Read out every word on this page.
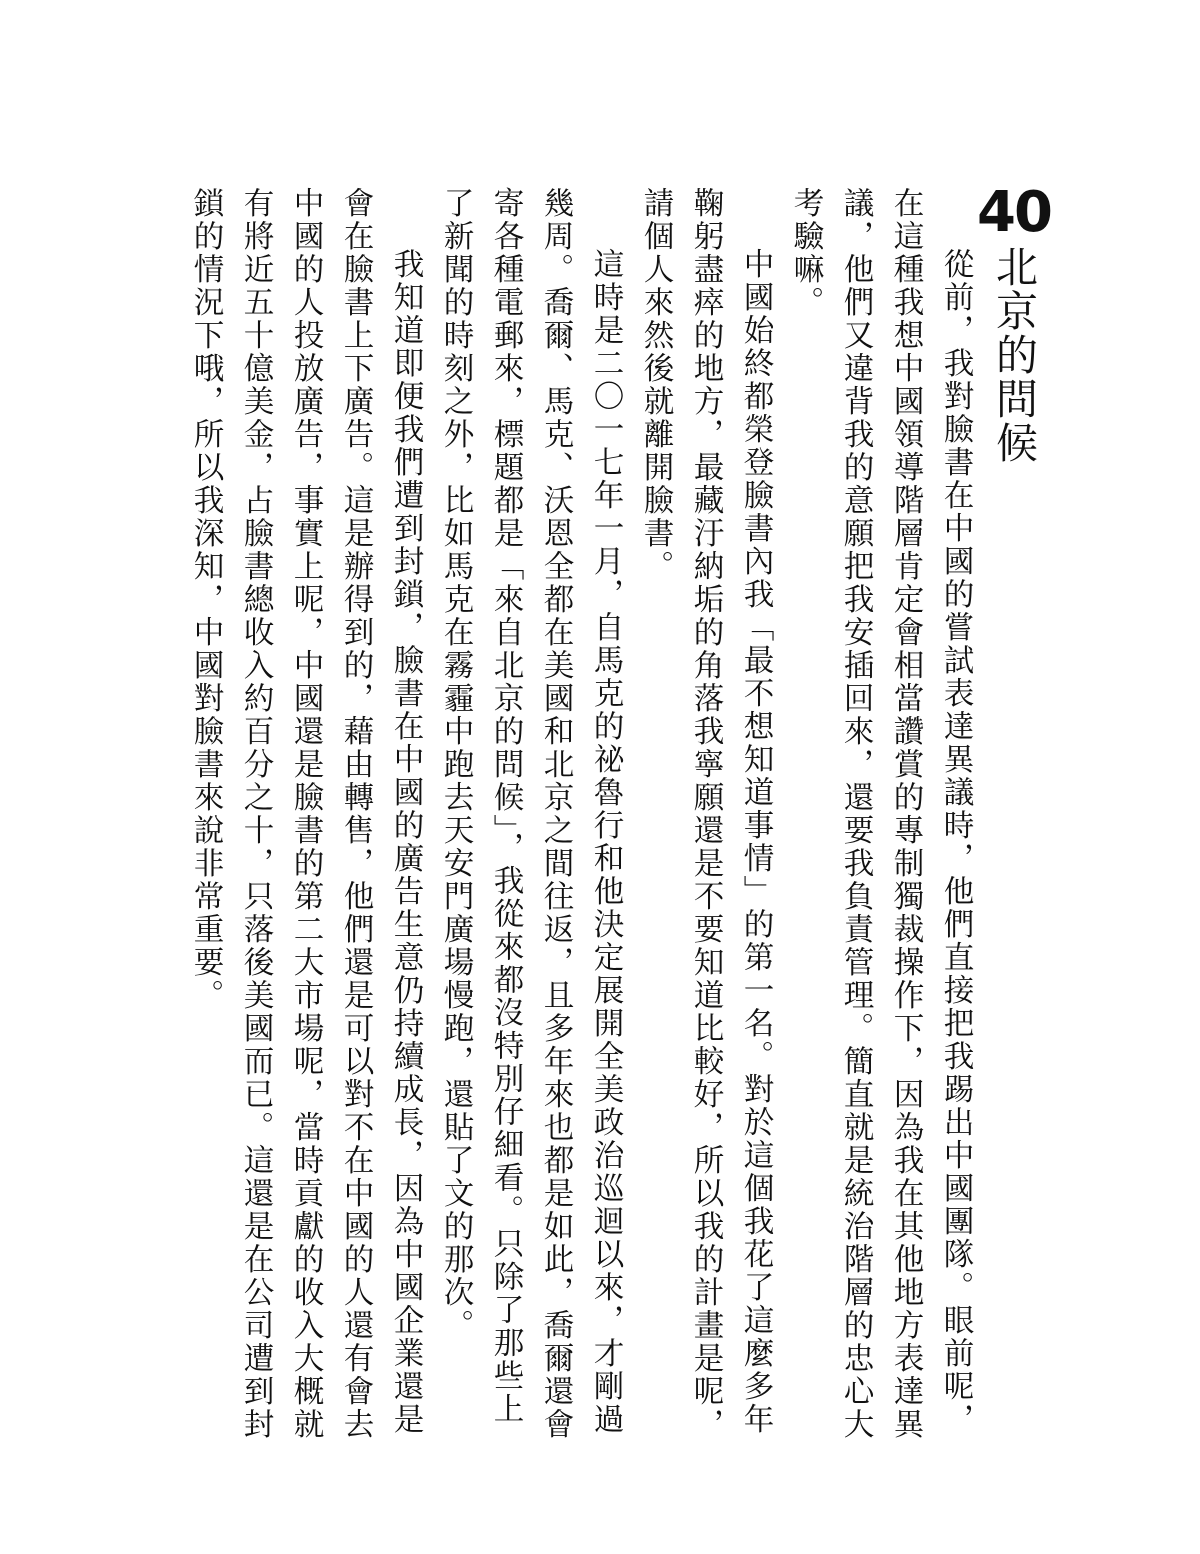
40
北京的問候

從前，我對臉書在中國的嘗試表達異議時，他們直接把我踢出中國團隊。眼前呢，在這種我想中國領導階層肯定會相當讚賞的專制獨裁操作下，因為我在其他地方表達異議，他們又違背我的意願把我安插回來，還要我負責管理。簡直就是統治階層的忠心大考驗嘛。

中國始終都榮登臉書內我「最不想知道事情」的第一名。對於這個我花了這麼多年鞠躬盡瘁的地方，最藏汙納垢的角落我寧願還是不要知道比較好，所以我的計畫是呢，請個人來然後就離開臉書。

這時是二〇一七年一月，自馬克的祕魯行和他決定展開全美政治巡迴以來，才剛過幾周。喬爾、馬克、沃恩全都在美國和北京之間往返，且多年來也都是如此，喬爾還會寄各種電郵來，標題都是「來自北京的問候」，我從來都沒特別仔細看。只除了那些上了新聞的時刻之外，比如馬克在霧霾中跑去天安門廣場慢跑，還貼了文的那次。

我知道即便我們遭到封鎖，臉書在中國的廣告生意仍持續成長，因為中國企業還是會在臉書上下廣告。這是辦得到的，藉由轉售，他們還是可以對不在中國的人還有會去中國的人投放廣告，事實上呢，中國還是臉書的第二大市場呢，當時貢獻的收入大概就有將近五十億美金，占臉書總收入約百分之十，只落後美國而已。這還是在公司遭到封鎖的情況下哦，所以我深知，中國對臉書來說非常重要。
